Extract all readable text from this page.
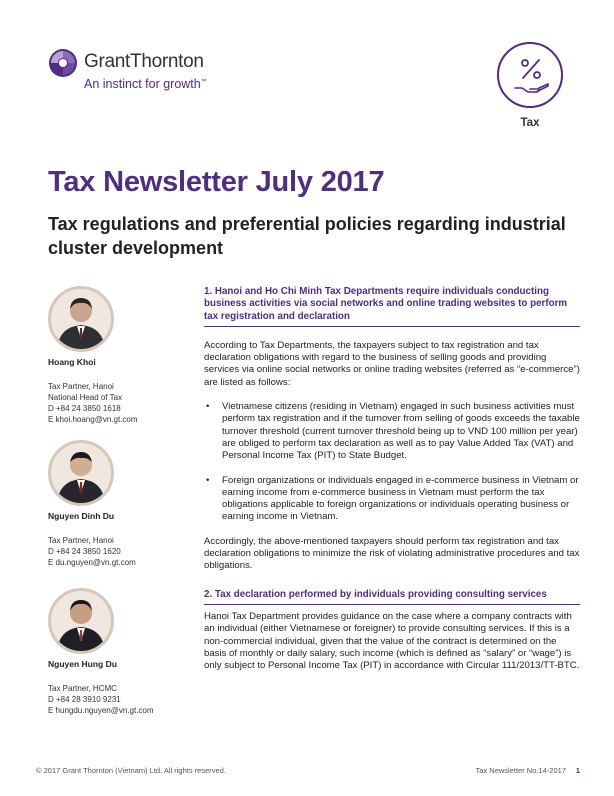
GrantThornton
An instinct for growth™
Tax
Tax Newsletter July 2017
Tax regulations and preferential policies regarding industrial cluster development
Hoang Khoi
Tax Partner, Hanoi
National Head of Tax
D +84 24 3850 1618
E khoi.hoang@vn.gt.com
Nguyen Dinh Du
Tax Partner, Hanoi
D +84 24 3850 1620
E du.nguyen@vn.gt.com
Nguyen Hung Du
Tax Partner, HCMC
D +84 28 3910 9231
E hungdu.nguyen@vn.gt.com
1. Hanoi and Ho Chi Minh Tax Departments require individuals conducting business activities via social networks and online trading websites to perform tax registration and declaration

According to Tax Departments, the taxpayers subject to tax registration and tax declaration obligations with regard to the business of selling goods and providing services via online social networks or online trading websites (referred as “e-commerce”) are listed as follows:

• Vietnamese citizens (residing in Vietnam) engaged in such business activities must perform tax registration and if the turnover from selling of goods exceeds the taxable turnover threshold (current turnover threshold being up to VND 100 million per year) are obliged to perform tax declaration as well as to pay Value Added Tax (VAT) and Personal Income Tax (PIT) to State Budget.
• Foreign organizations or individuals engaged in e-commerce business in Vietnam or earning income from e-commerce business in Vietnam must perform the tax obligations applicable to foreign organizations or individuals operating business or earning income in Vietnam.

Accordingly, the above-mentioned taxpayers should perform tax registration and tax declaration obligations to minimize the risk of violating administrative procedures and tax obligations.

2. Tax declaration performed by individuals providing consulting services

Hanoi Tax Department provides guidance on the case where a company contracts with an individual (either Vietnamese or foreigner) to provide consulting services. If this is a non-commercial individual, given that the value of the contract is determined on the basis of monthly or daily salary, such income (which is defined as “salary” or “wage”) is only subject to Personal Income Tax (PIT) in accordance with Circular 111/2013/TT-BTC.

© 2017 Grant Thornton (Vietnam) Ltd. All rights reserved.	Tax Newsletter No.14-2017 1
